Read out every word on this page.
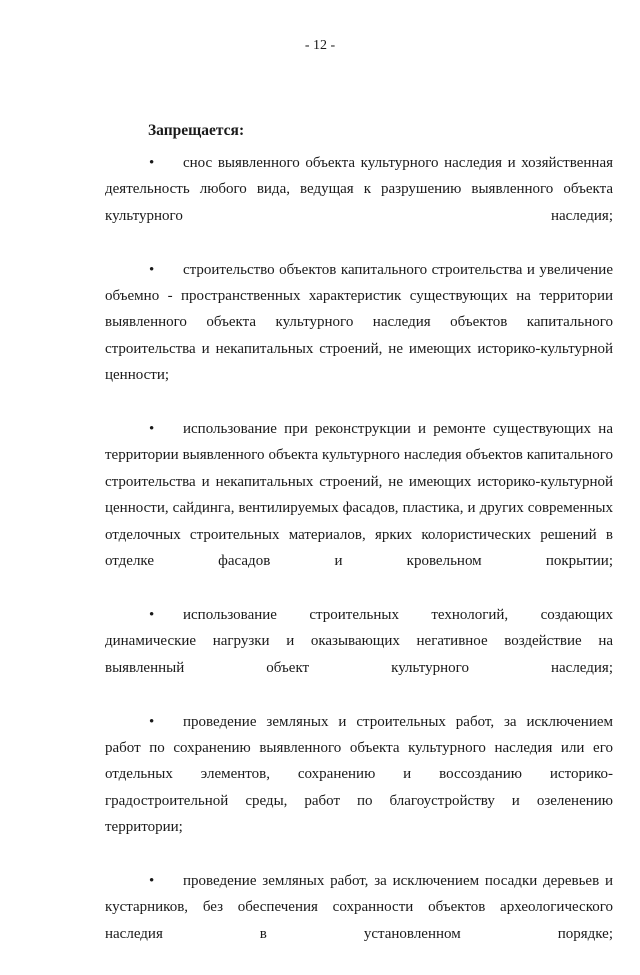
- 12 -
Запрещается:
• снос выявленного объекта культурного наследия и хозяйственная деятельность любого вида, ведущая к разрушению выявленного объекта культурного наследия;
• строительство объектов капитального строительства и увеличение объемно - пространственных характеристик существующих на территории выявленного объекта культурного наследия объектов капитального строительства и некапитальных строений, не имеющих историко-культурной ценности;
• использование при реконструкции и ремонте существующих на территории выявленного объекта культурного наследия объектов капитального строительства и некапитальных строений, не имеющих историко-культурной ценности, сайдинга, вентилируемых фасадов, пластика, и других современных отделочных строительных материалов, ярких колористических решений в отделке фасадов и кровельном покрытии;
• использование строительных технологий, создающих динамические нагрузки и оказывающих негативное воздействие на выявленный объект культурного наследия;
• проведение земляных и строительных работ, за исключением работ по сохранению выявленного объекта культурного наследия или его отдельных элементов, сохранению и воссозданию историко-градостроительной среды, работ по благоустройству и озеленению территории;
• проведение земляных работ, за исключением посадки деревьев и кустарников, без обеспечения сохранности объектов археологического наследия в установленном порядке;
